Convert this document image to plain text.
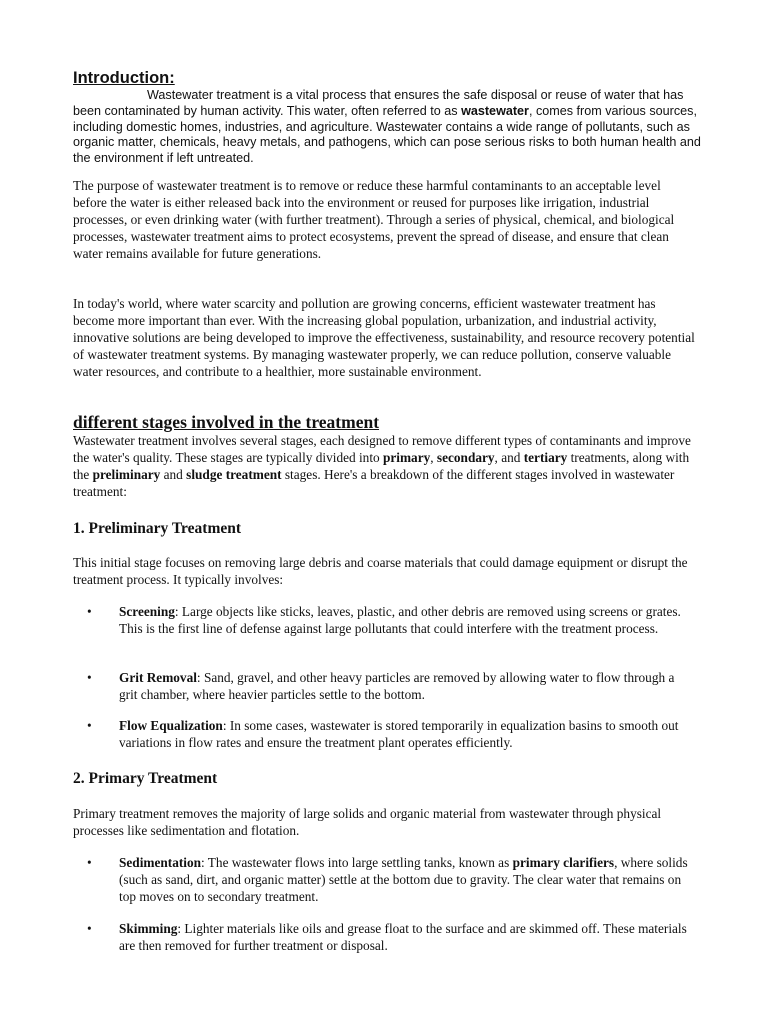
Introduction:

Wastewater treatment is a vital process that ensures the safe disposal or reuse of water that has been contaminated by human activity. This water, often referred to as wastewater, comes from various sources, including domestic homes, industries, and agriculture. Wastewater contains a wide range of pollutants, such as organic matter, chemicals, heavy metals, and pathogens, which can pose serious risks to both human health and the environment if left untreated.

The purpose of wastewater treatment is to remove or reduce these harmful contaminants to an acceptable level before the water is either released back into the environment or reused for purposes like irrigation, industrial processes, or even drinking water (with further treatment). Through a series of physical, chemical, and biological processes, wastewater treatment aims to protect ecosystems, prevent the spread of disease, and ensure that clean water remains available for future generations.

In today's world, where water scarcity and pollution are growing concerns, efficient wastewater treatment has become more important than ever. With the increasing global population, urbanization, and industrial activity, innovative solutions are being developed to improve the effectiveness, sustainability, and resource recovery potential of wastewater treatment systems. By managing wastewater properly, we can reduce pollution, conserve valuable water resources, and contribute to a healthier, more sustainable environment.

different stages involved in the treatment

Wastewater treatment involves several stages, each designed to remove different types of contaminants and improve the water's quality. These stages are typically divided into primary, secondary, and tertiary treatments, along with the preliminary and sludge treatment stages. Here's a breakdown of the different stages involved in wastewater treatment:

1. Preliminary Treatment

This initial stage focuses on removing large debris and coarse materials that could damage equipment or disrupt the treatment process. It typically involves:

• Screening: Large objects like sticks, leaves, plastic, and other debris are removed using screens or grates. This is the first line of defense against large pollutants that could interfere with the treatment process.

• Grit Removal: Sand, gravel, and other heavy particles are removed by allowing water to flow through a grit chamber, where heavier particles settle to the bottom.

• Flow Equalization: In some cases, wastewater is stored temporarily in equalization basins to smooth out variations in flow rates and ensure the treatment plant operates efficiently.

2. Primary Treatment

Primary treatment removes the majority of large solids and organic material from wastewater through physical processes like sedimentation and flotation.

• Sedimentation: The wastewater flows into large settling tanks, known as primary clarifiers, where solids (such as sand, dirt, and organic matter) settle at the bottom due to gravity. The clear water that remains on top moves on to secondary treatment.

• Skimming: Lighter materials like oils and grease float to the surface and are skimmed off. These materials are then removed for further treatment or disposal.
